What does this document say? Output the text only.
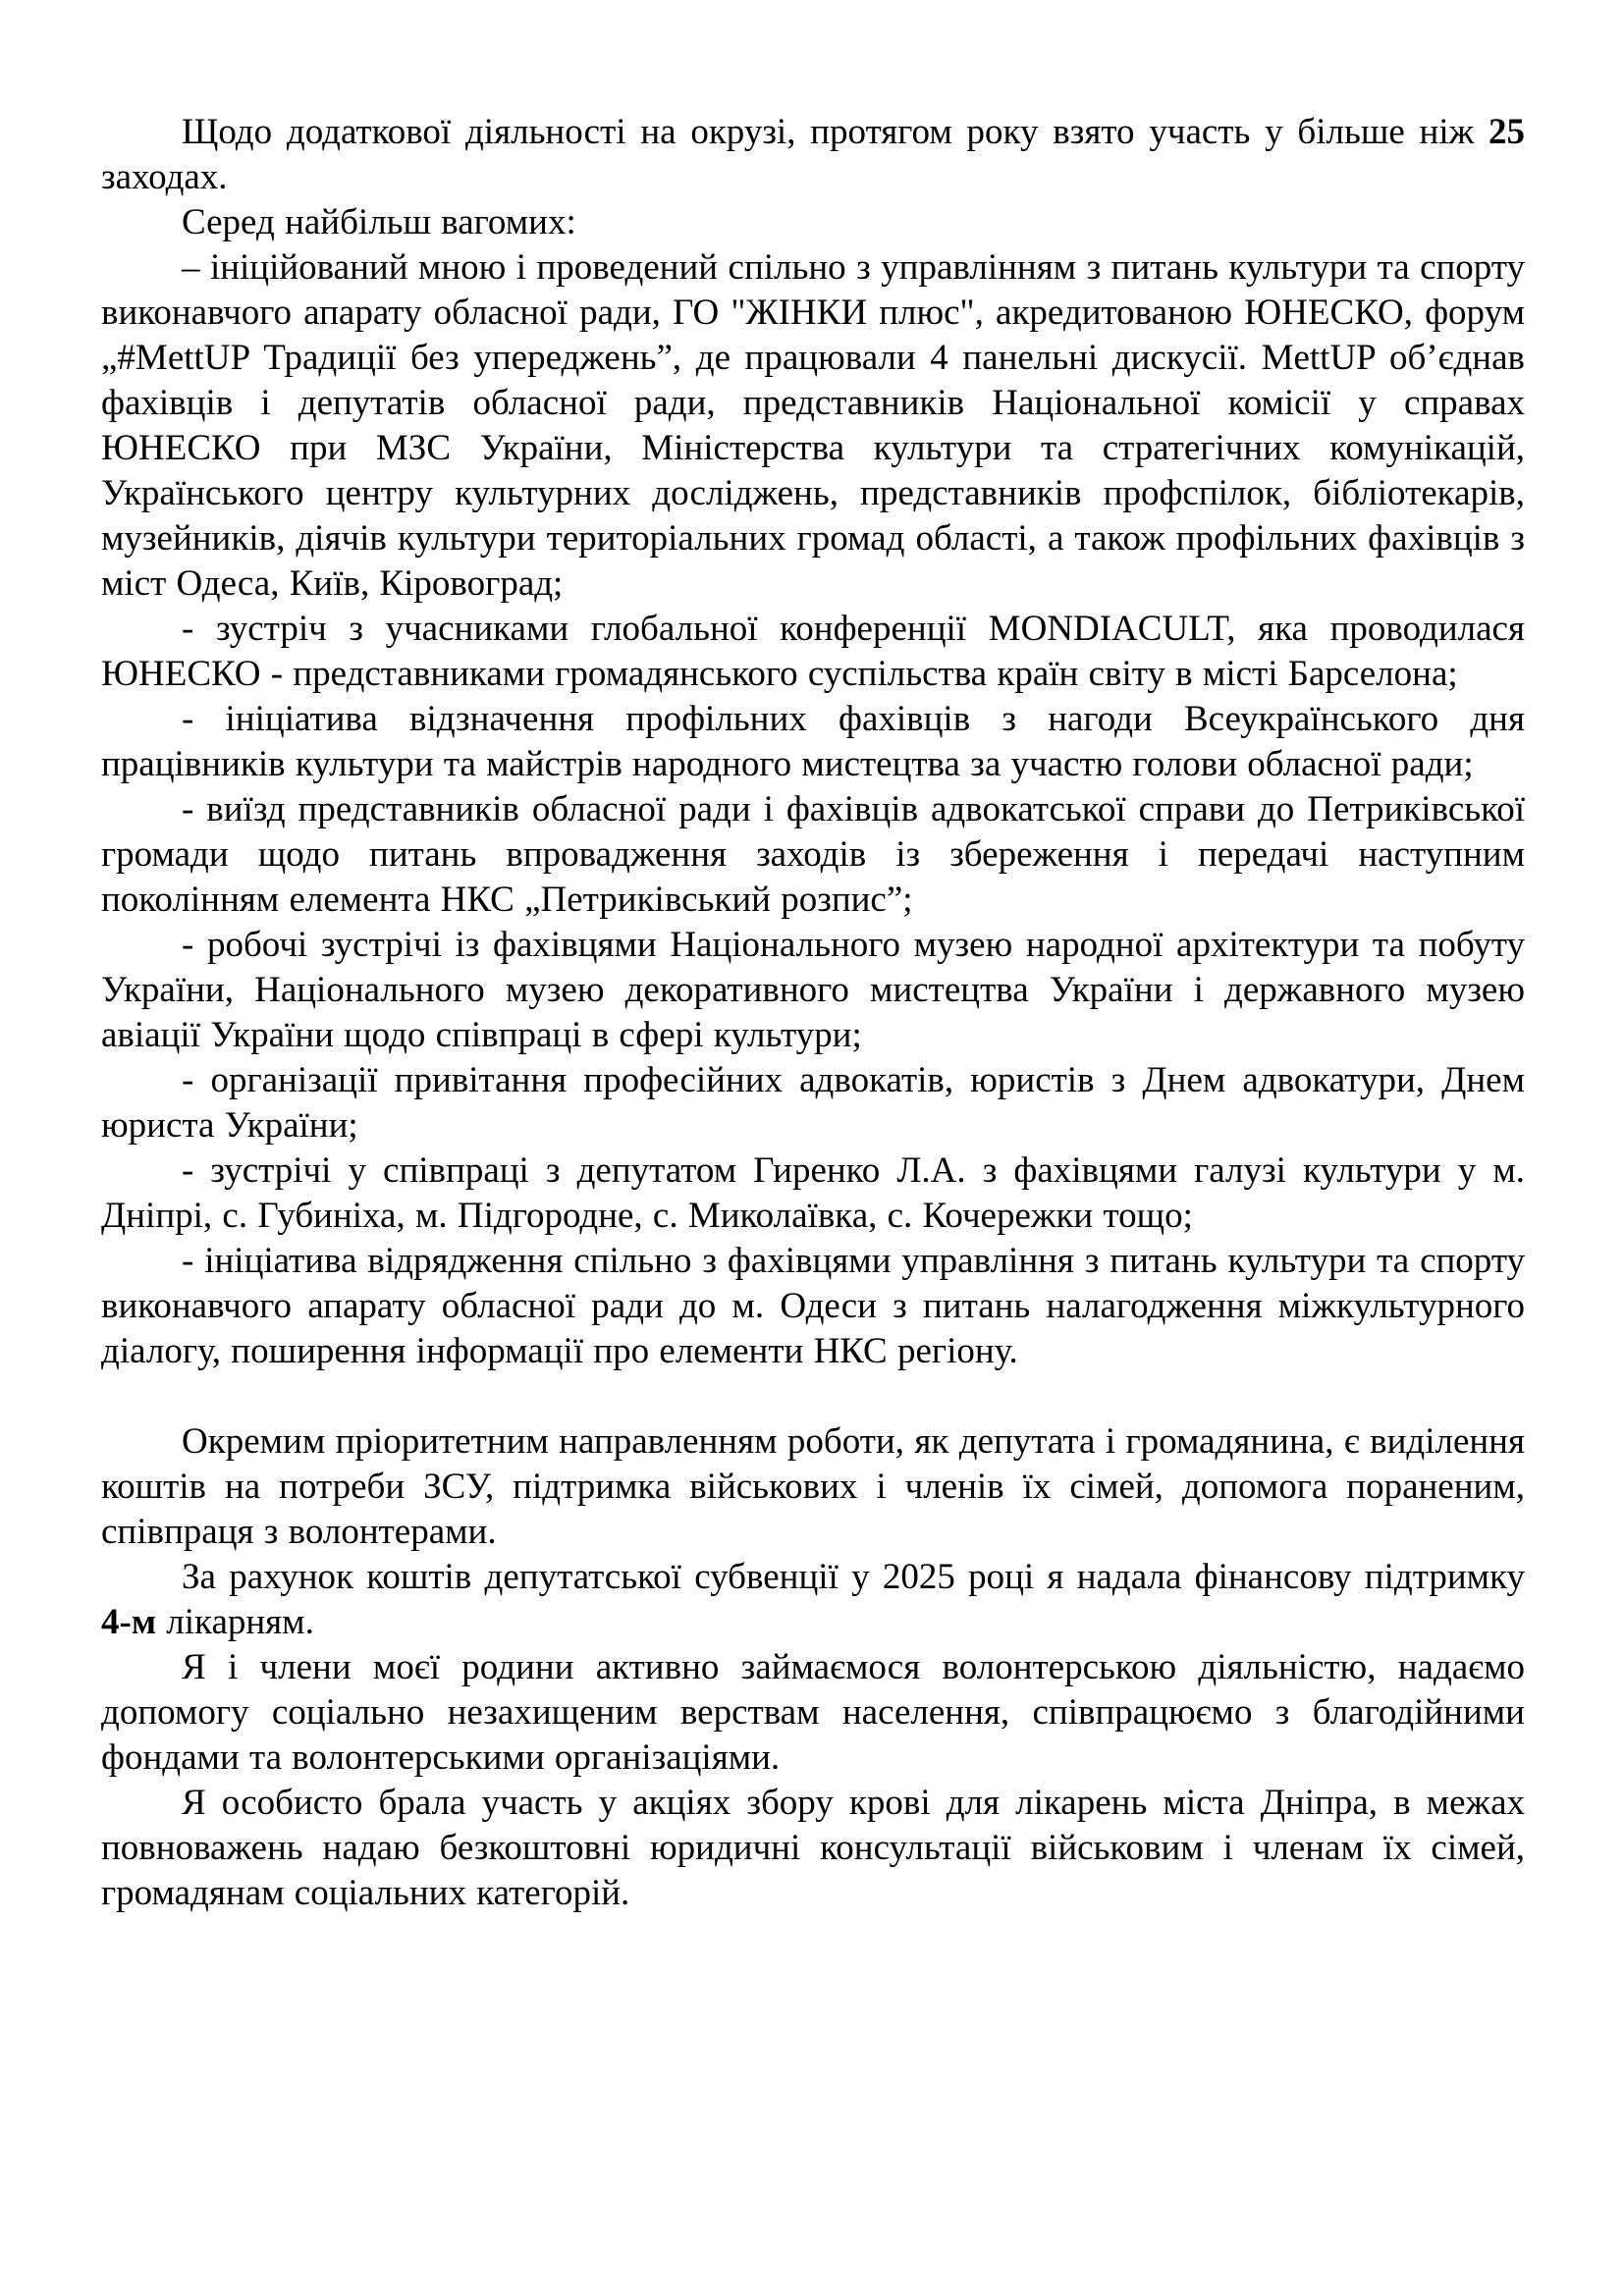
Щодо додаткової діяльності на окрузі, протягом року взято участь у більше ніж 25 заходах.

Серед найбільш вагомих:

– ініційований мною і проведений спільно з управлінням з питань культури та спорту виконавчого апарату обласної ради, ГО "ЖІНКИ плюс", акредитованою ЮНЕСКО, форум „#MettUP Традиції без упереджень”, де працювали 4 панельні дискусії. MettUP об’єднав фахівців і депутатів обласної ради, представників Національної комісії у справах ЮНЕСКО при МЗС України, Міністерства культури та стратегічних комунікацій, Українського центру культурних досліджень, представників профспілок, бібліотекарів, музейників, діячів культури територіальних громад області, а також профільних фахівців з міст Одеса, Київ, Кіровоград;

- зустріч з учасниками глобальної конференції MONDIACULT, яка проводилася ЮНЕСКО - представниками громадянського суспільства країн світу в місті Барселона;

- ініціатива відзначення профільних фахівців з нагоди Всеукраїнського дня працівників культури та майстрів народного мистецтва за участю голови обласної ради;

- виїзд представників обласної ради і фахівців адвокатської справи до Петриківської громади щодо питань впровадження заходів із збереження і передачі наступним поколінням елемента НКС „Петриківський розпис”;

- робочі зустрічі із фахівцями Національного музею народної архітектури та побуту України, Національного музею декоративного мистецтва України і державного музею авіації України щодо співпраці в сфері культури;

- організації привітання професійних адвокатів, юристів з Днем адвокатури, Днем юриста України;

- зустрічі у співпраці з депутатом Гиренко Л.А. з фахівцями галузі культури у м. Дніпрі, с. Губиніха, м. Підгородне, с. Миколаївка, с. Кочережки тощо;

- ініціатива відрядження спільно з фахівцями управління з питань культури та спорту виконавчого апарату обласної ради до м. Одеси з питань налагодження міжкультурного діалогу, поширення інформації про елементи НКС регіону.

Окремим пріоритетним направленням роботи, як депутата і громадянина, є виділення коштів на потреби ЗСУ, підтримка військових і членів їх сімей, допомога пораненим, співпраця з волонтерами.

За рахунок коштів депутатської субвенції у 2025 році я надала фінансову підтримку 4-м лікарням.

Я і члени моєї родини активно займаємося волонтерською діяльністю, надаємо допомогу соціально незахищеним верствам населення, співпрацюємо з благодійними фондами та волонтерськими організаціями.

Я особисто брала участь у акціях збору крові для лікарень міста Дніпра, в межах повноважень надаю безкоштовні юридичні консультації військовим і членам їх сімей, громадянам соціальних категорій.
